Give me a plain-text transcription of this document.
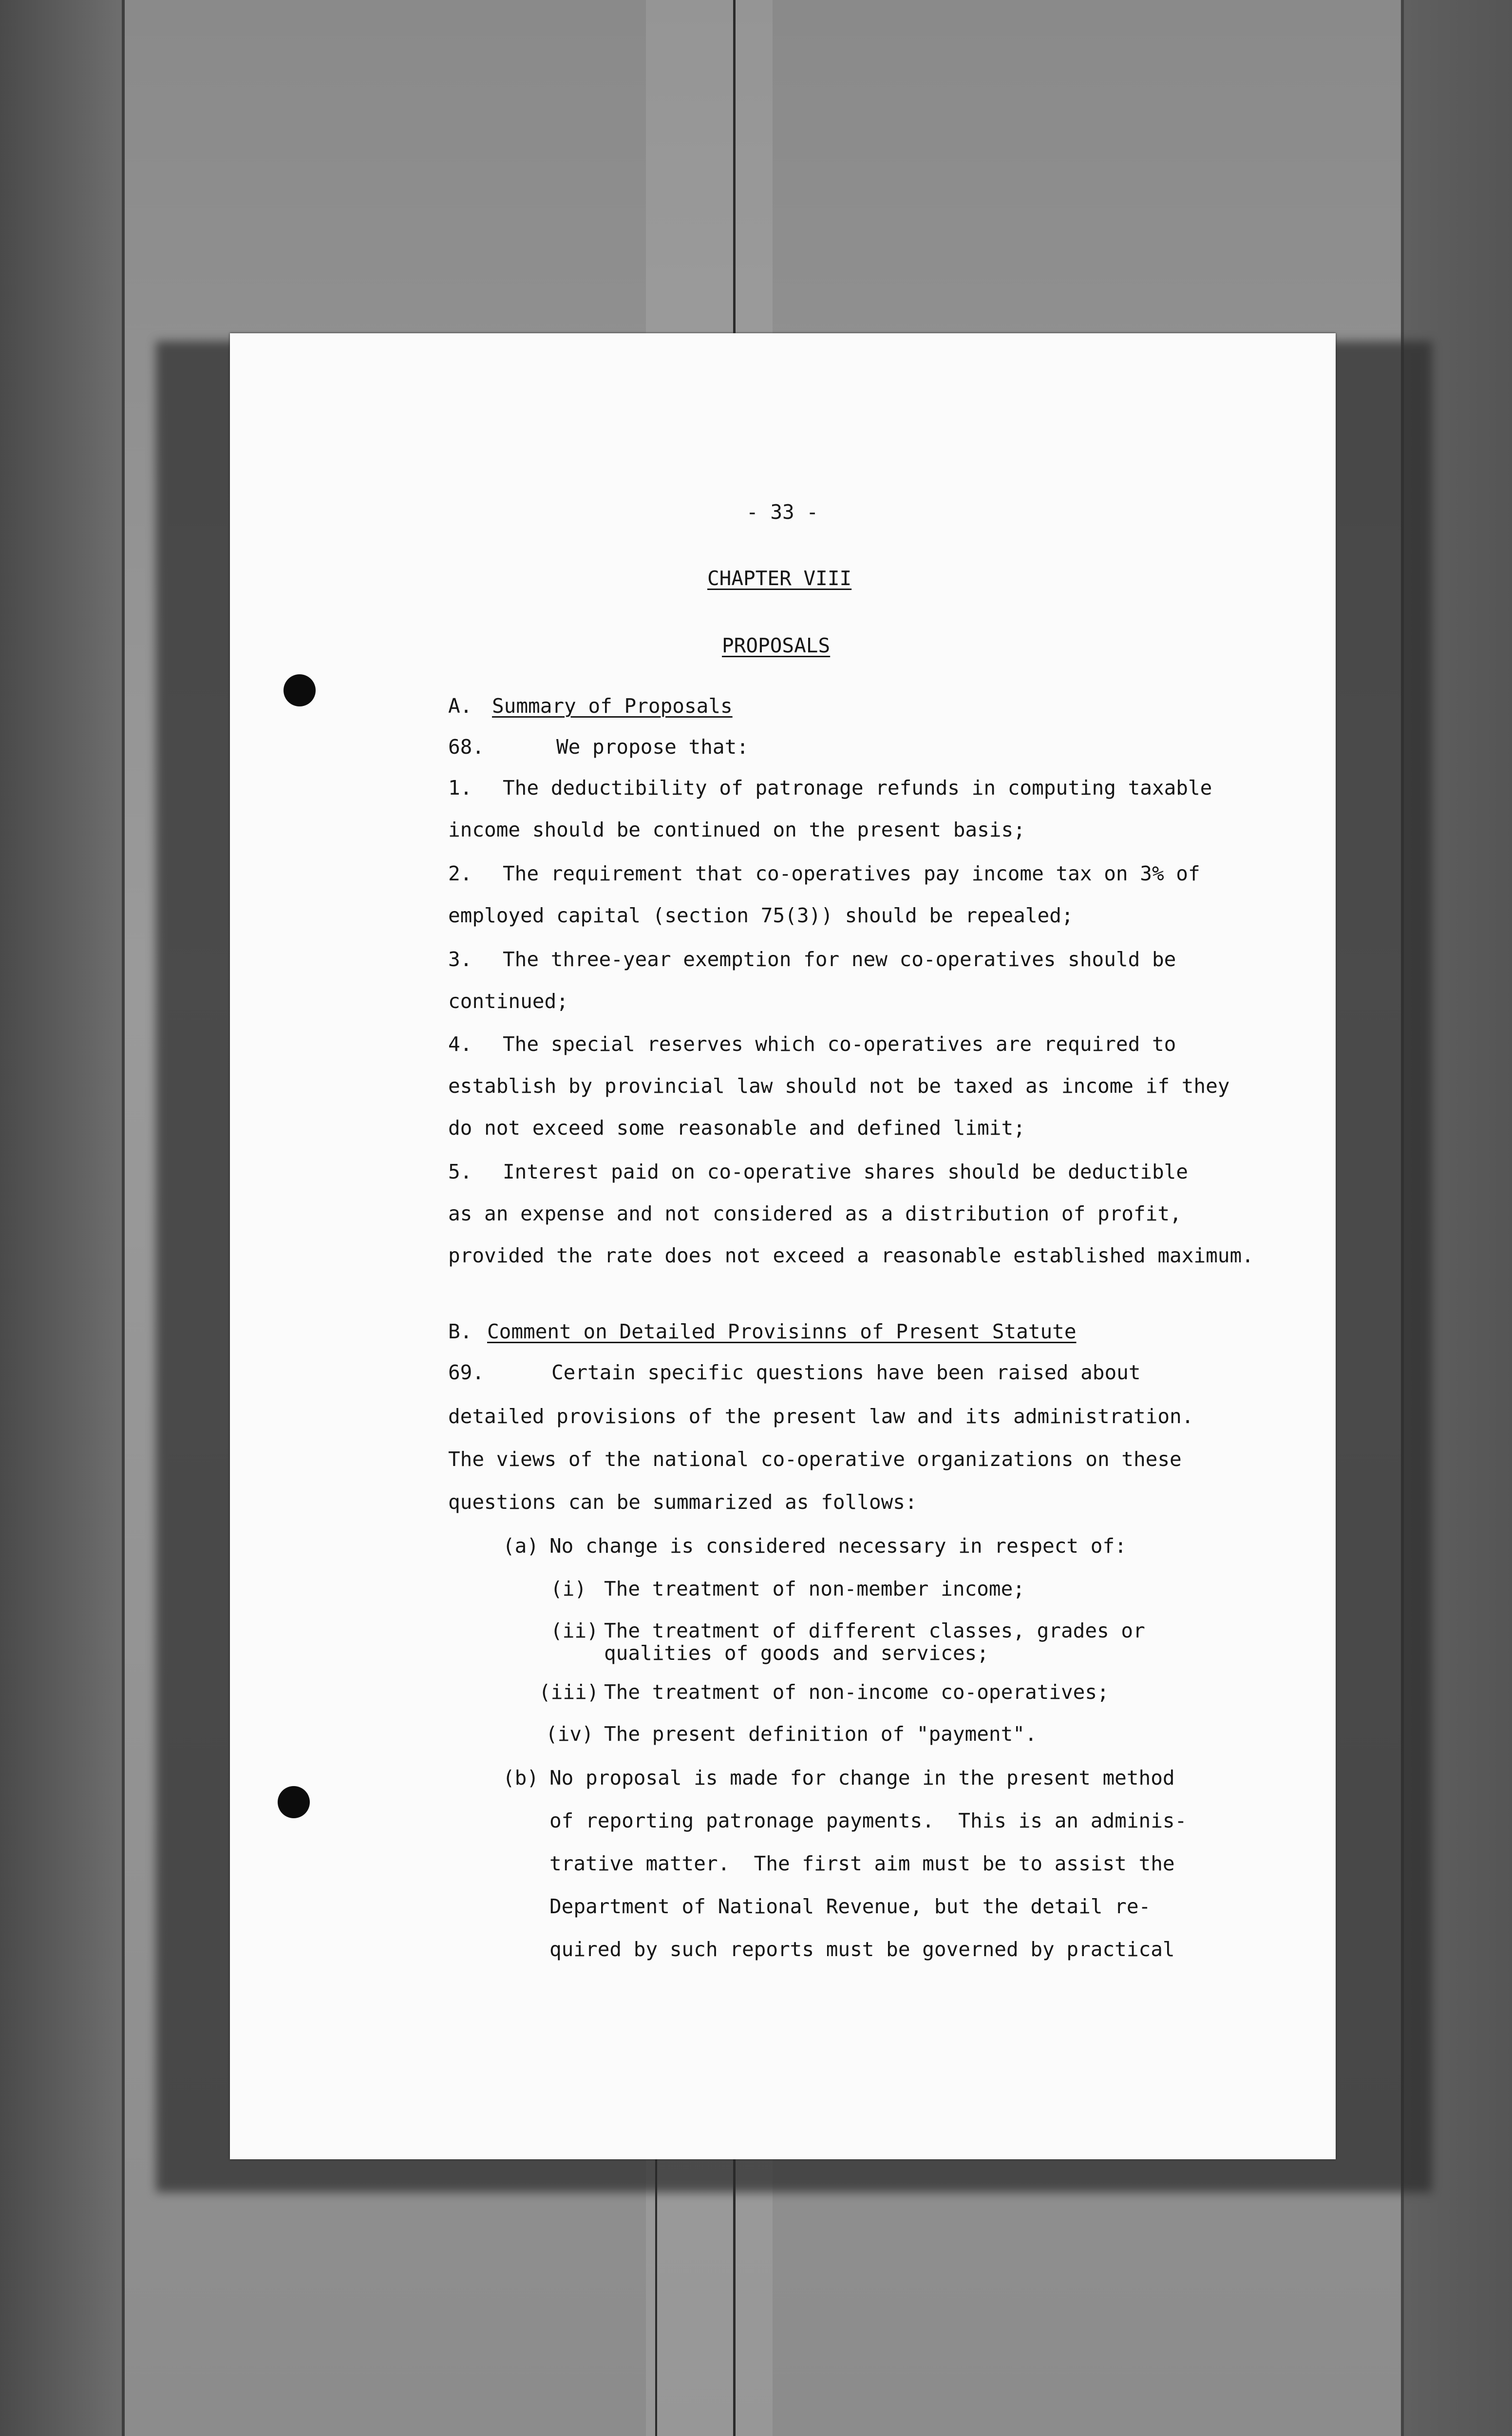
- 33 -
CHAPTER VIII
PROPOSALS
A. Summary of Proposals
68.	We propose that:
1. The deductibility of patronage refunds in computing taxable
income should be continued on the present basis;
2. The requirement that co-operatives pay income tax on 3% of
employed capital (section 75(3)) should be repealed;
3. The three-year exemption for new co-operatives should be
continued;
4. The special reserves which co-operatives are required to
establish by provincial law should not be taxed as income if they
do not exceed some reasonable and defined limit;
5. Interest paid on co-operative shares should be deductible
as an expense and not considered as a distribution of profit,
provided the rate does not exceed a reasonable established maximum.
B. Comment on Detailed Provisinns of Present Statute
69.	Certain specific questions have been raised about
detailed provisions of the present law and its administration.
The views of the national co-operative organizations on these
questions can be summarized as follows:
(a) No change is considered necessary in respect of:
(i) The treatment of non-member income;
(ii) The treatment of different classes, grades or
qualities of goods and services;
(iii) The treatment of non-income co-operatives;
(iv) The present definition of "payment".
(b) No proposal is made for change in the present method
of reporting patronage payments.  This is an adminis-
trative matter.  The first aim must be to assist the
Department of National Revenue, but the detail re-
quired by such reports must be governed by practical
